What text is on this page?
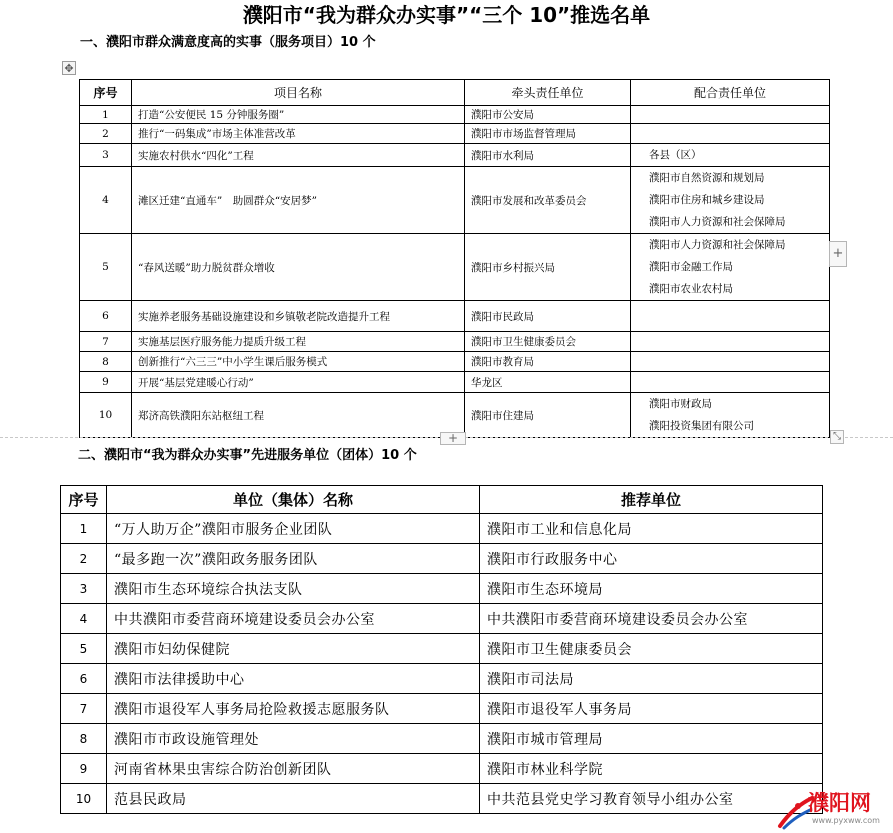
濮阳市“我为群众办实事”“三个 10”推选名单
✥
一、濮阳市群众满意度高的实事（服务项目）10 个
序号	项目名称	牵头责任单位	配合责任单位
1	打造“公安便民 15 分钟服务圈”	濮阳市公安局	
2	推行“一码集成”市场主体准营改革	濮阳市市场监督管理局	
3	实施农村供水“四化”工程	濮阳市水利局	各县（区）

4	滩区迁建“直通车”　助圆群众“安居梦”	濮阳市发展和改革委员会	濮阳市自然资源和规划局
濮阳市住房和城乡建设局
濮阳市人力资源和社会保障局

5	“春风送暖”助力脱贫群众增收	濮阳市乡村振兴局	濮阳市人力资源和社会保障局
濮阳市金融工作局
濮阳市农业农村局

6	实施养老服务基础设施建设和乡镇敬老院改造提升工程	濮阳市民政局	
7	实施基层医疗服务能力提质升级工程	濮阳市卫生健康委员会	
8	创新推行“六三三”中小学生课后服务模式	濮阳市教育局	
9	开展“基层党建暖心行动”	华龙区	
10	郑济高铁濮阳东站枢纽工程	濮阳市住建局	濮阳市财政局
濮阳投资集团有限公司
+
+	⤡
二、濮阳市“我为群众办实事”先进服务单位（团体）10 个
序号	单位（集体）名称	推荐单位
1	“万人助万企”濮阳市服务企业团队	濮阳市工业和信息化局
2	“最多跑一次”濮阳政务服务团队	濮阳市行政服务中心
3	濮阳市生态环境综合执法支队	濮阳市生态环境局
4	中共濮阳市委营商环境建设委员会办公室	中共濮阳市委营商环境建设委员会办公室
5	濮阳市妇幼保健院	濮阳市卫生健康委员会
6	濮阳市法律援助中心	濮阳市司法局
7	濮阳市退役军人事务局抢险救援志愿服务队	濮阳市退役军人事务局
8	濮阳市市政设施管理处	濮阳市城市管理局
9	河南省林果虫害综合防治创新团队	濮阳市林业科学院
10	范县民政局	中共范县党史学习教育领导小组办公室	濮阳网
www.pyxww.com
